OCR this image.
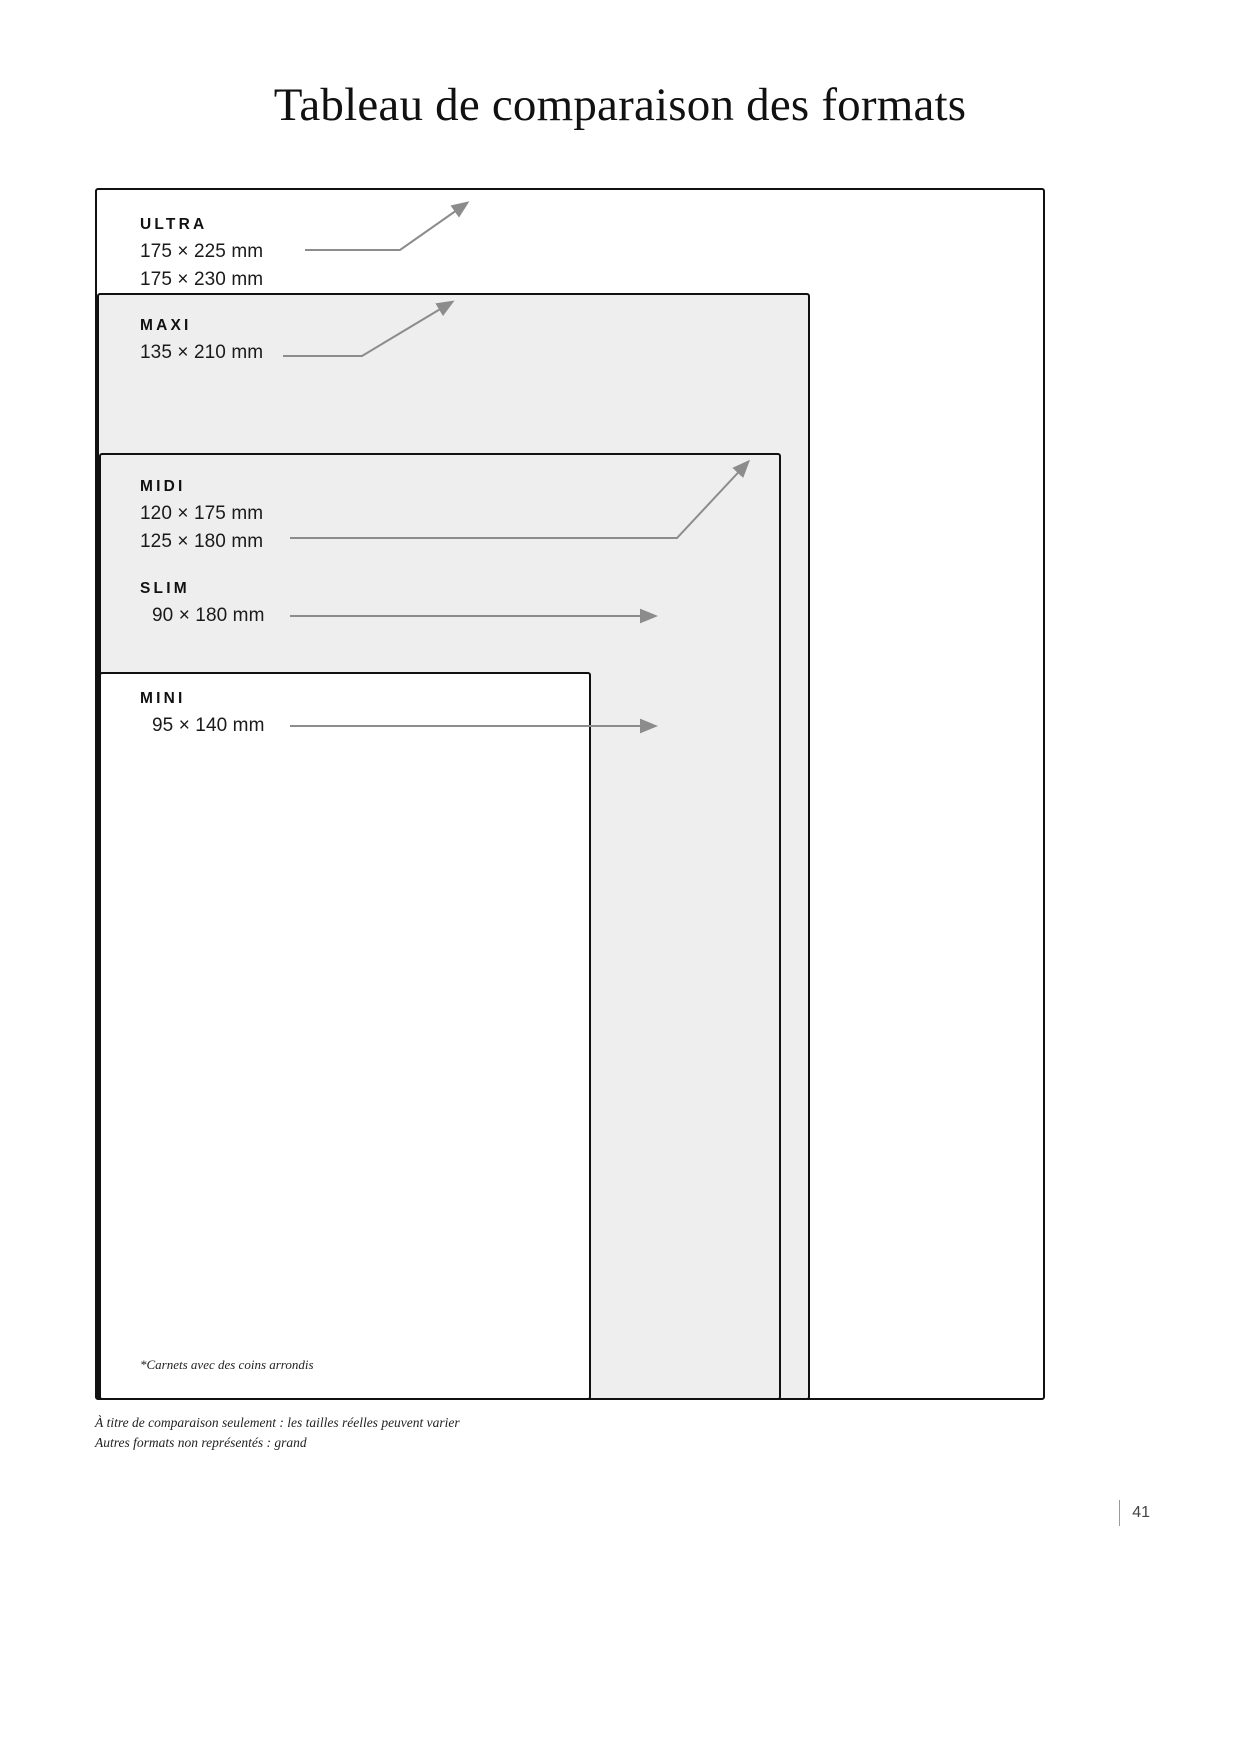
Tableau de comparaison des formats
ULTRA
175 × 225 mm
175 × 230 mm
MAXI
135 × 210 mm
MIDI
120 × 175 mm
125 × 180 mm
SLIM
90 × 180 mm
MINI
95 × 140 mm
*Carnets avec des coins arrondis
À titre de comparaison seulement : les tailles réelles peuvent varier
Autres formats non représentés : grand
41
